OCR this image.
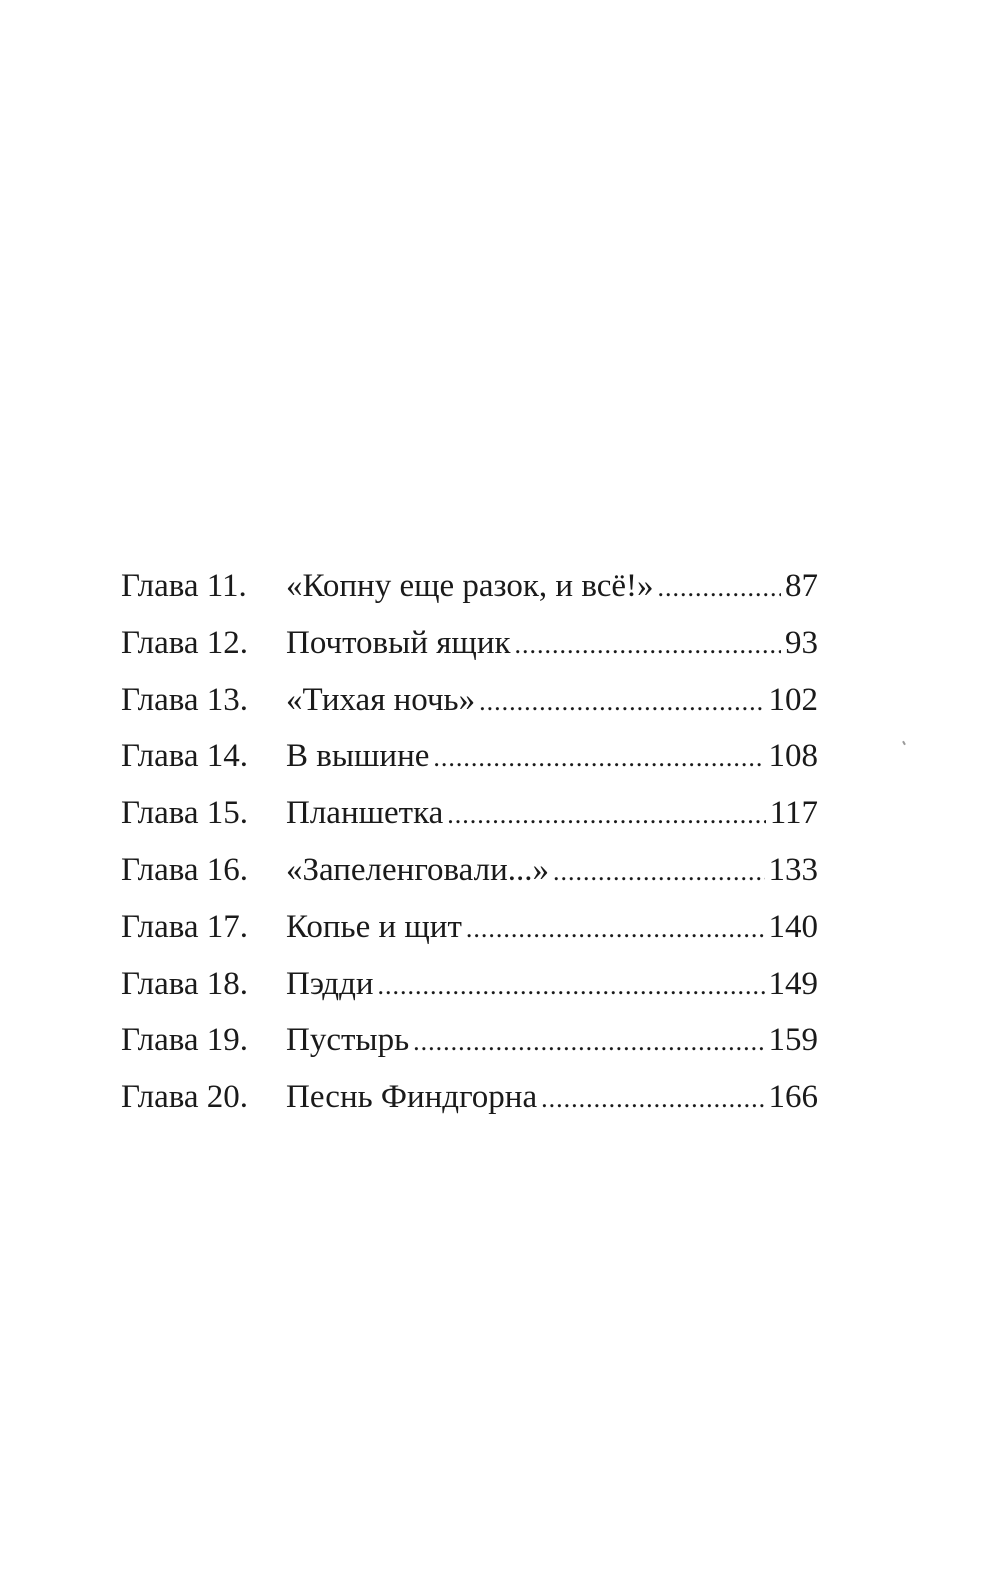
Глава 11.	«Копну еще разок, и всё!» .....	87
Глава 12.	Почтовый ящик .....	93
Глава 13.	«Тихая ночь» .....	102
Глава 14.	В вышине .....	108
Глава 15.	Планшетка .....	117
Глава 16.	«Запеленговали...» .....	133
Глава 17.	Копье и щит .....	140
Глава 18.	Пэдди .....	149
Глава 19.	Пустырь .....	159
Глава 20.	Песнь Финдгорна .....	166
